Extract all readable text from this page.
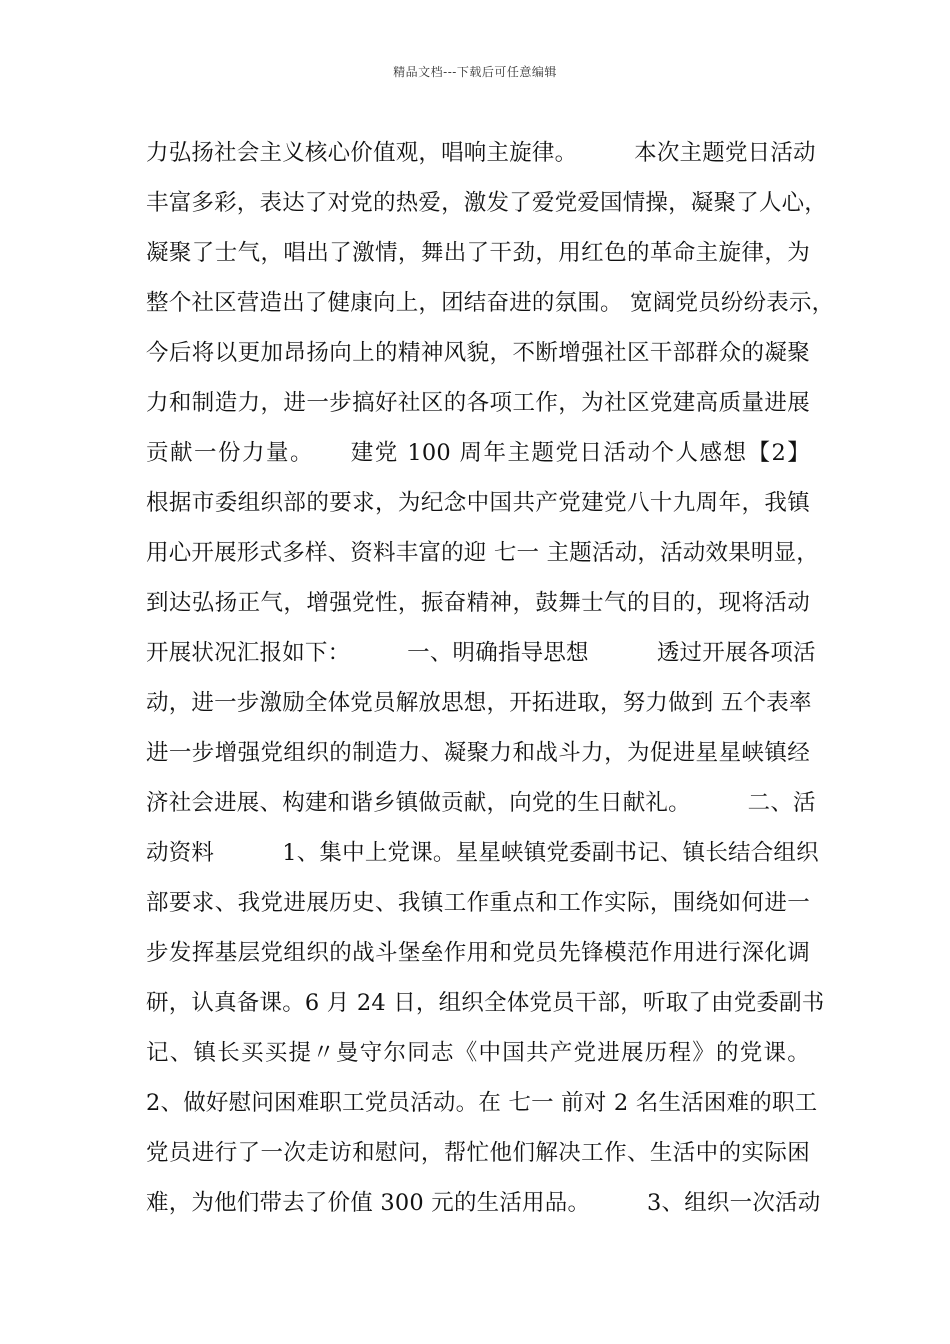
精品文档---下载后可任意编辑
力弘扬社会主义核心价值观，唱响主旋律。　　　本次主题党日活动
丰富多彩，表达了对党的热爱，激发了爱党爱国情操，凝聚了人心，
凝聚了士气，唱出了激情，舞出了干劲，用红色的革命主旋律，为
整个社区营造出了健康向上，团结奋进的氛围。 宽阔党员纷纷表示，
今后将以更加昂扬向上的精神风貌，不断增强社区干部群众的凝聚
力和制造力，进一步搞好社区的各项工作，为社区党建高质量进展
贡献一份力量。　　建党 100 周年主题党日活动个人感想【2】
根据市委组织部的要求，为纪念中国共产党建党八十九周年，我镇
用心开展形式多样、资料丰富的迎 七一 主题活动，活动效果明显，
到达弘扬正气，增强党性，振奋精神，鼓舞士气的目的，现将活动
开展状况汇报如下：　　　一、明确指导思想　　　透过开展各项活
动，进一步激励全体党员解放思想，开拓进取，努力做到 五个表率
进一步增强党组织的制造力、凝聚力和战斗力，为促进星星峡镇经
济社会进展、构建和谐乡镇做贡献，向党的生日献礼。　　　二、活
动资料　　　1、集中上党课。星星峡镇党委副书记、镇长结合组织
部要求、我党进展历史、我镇工作重点和工作实际，围绕如何进一
步发挥基层党组织的战斗堡垒作用和党员先锋模范作用进行深化调
研，认真备课。6 月 24 日，组织全体党员干部，听取了由党委副书
记、镇长买买提〃曼守尔同志《中国共产党进展历程》的党课。
2、做好慰问困难职工党员活动。在 七一 前对 2 名生活困难的职工
党员进行了一次走访和慰问，帮忙他们解决工作、生活中的实际困
难，为他们带去了价值 300 元的生活用品。　　　3、组织一次活动
